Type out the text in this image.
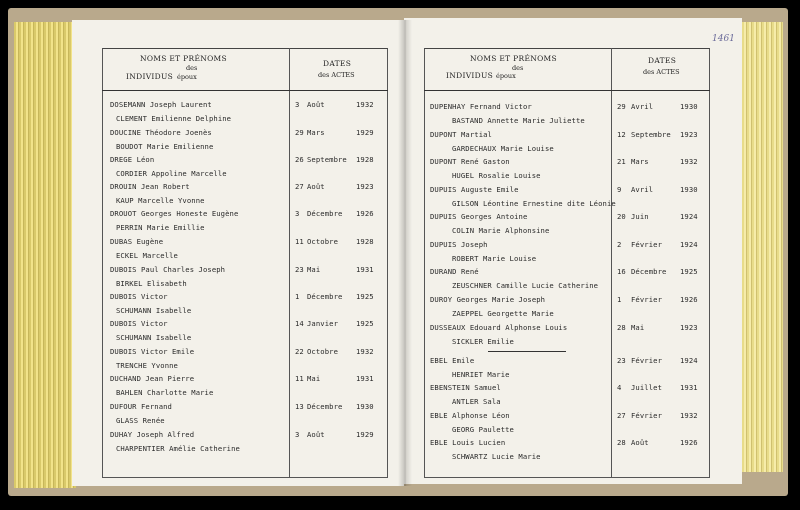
1461
NOMS ET PRÉNOMS
des
INDIVIDUS époux
DATES
des ACTES
DOSEMANN Joseph Laurent
CLEMENT Emilienne Delphine
3 Août	1932
DOUCINE Théodore Joenès
BOUDOT Marie Emilienne
29 Mars	1929
DREGE Léon
CORDIER Appoline Marcelle
26 Septembre 1928
DROUIN Jean Robert
KAUP Marcelle Yvonne
27 Août	1923
DROUOT Georges Honeste Eugène
PERRIN Marie Emillie
3 Décembre 1926
DUBAS Eugène
ECKEL Marcelle
11 Octobre	1928
DUBOIS Paul Charles Joseph
BIRKEL Elisabeth
23 Mai	1931
DUBOIS Victor
SCHUMANN Isabelle
1 Décembre 1925
DUBOIS Victor
SCHUMANN Isabelle
14 Janvier	1925
DUBOIS Victor Emile
TRENCHE Yvonne
22 Octobre	1932
DUCHAND Jean Pierre
BAHLEN Charlotte Marie
11 Mai	1931
DUFOUR Fernand
GLASS Renée
13 Décembre 1930
DUHAY Joseph Alfred
CHARPENTIER Amélie Catherine
3 Août	1929
NOMS ET PRÉNOMS
des
INDIVIDUS époux
DATES
des ACTES
DUPENHAY Fernand Victor
BASTAND Annette Marie Juliette
29 Avril	1930
DUPONT Martial
GARDECHAUX Marie Louise
12 Septembre 1923
DUPONT René Gaston
HUGEL Rosalie Louise
21 Mars	1932
DUPUIS Auguste Emile
GILSON Léontine Ernestine dite Léonie
9 Avril	1930
DUPUIS Georges Antoine
COLIN Marie Alphonsine
20 Juin	1924
DUPUIS Joseph
ROBERT Marie Louise
2 Février	1924
DURAND René
ZEUSCHNER Camille Lucie Catherine
16 Décembre 1925
DUROY Georges Marie Joseph
ZAEPPEL Georgette Marie
1 Février	1926
DUSSEAUX Edouard Alphonse Louis
SICKLER Emilie
28 Mai	1923
EBEL Emile
HENRIET Marie
23 Février	1924
EBENSTEIN Samuel
ANTLER Sala
4 Juillet	1931
EBLE Alphonse Léon
GEORG Paulette
27 Février	1932
EBLE Louis Lucien
SCHWARTZ Lucie Marie
28 Août	1926
